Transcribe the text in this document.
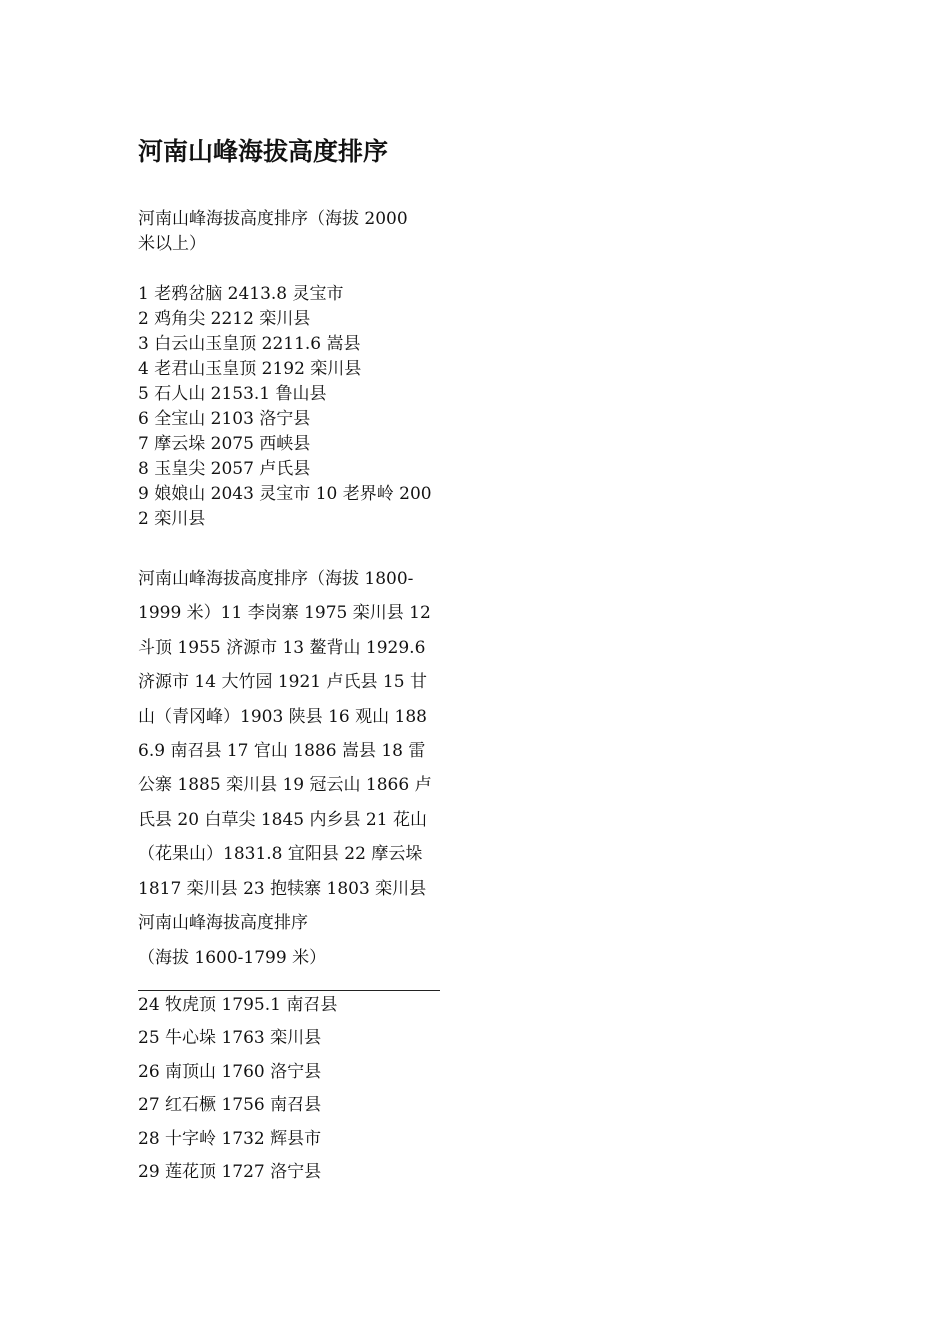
河南山峰海拔高度排序
河南山峰海拔高度排序（海拔 2000
米以上）
1 老鸦岔脑 2413.8 灵宝市
2 鸡角尖 2212 栾川县
3 白云山玉皇顶 2211.6 嵩县
4 老君山玉皇顶 2192 栾川县
5 石人山 2153.1 鲁山县
6 全宝山 2103 洛宁县
7 摩云垛 2075 西峡县
8 玉皇尖 2057 卢氏县
9 娘娘山 2043 灵宝市 10 老界岭 200
2 栾川县
河南山峰海拔高度排序（海拔 1800-
1999 米）11 李岗寨 1975 栾川县 12
斗顶 1955 济源市 13 鳌背山 1929.6
济源市 14 大竹园 1921 卢氏县 15 甘
山（青冈峰）1903 陕县 16 观山 188
6.9 南召县 17 官山 1886 嵩县 18 雷
公寨 1885 栾川县 19 冠云山 1866 卢
氏县 20 白草尖 1845 内乡县 21 花山
（花果山）1831.8 宜阳县 22 摩云垛
1817 栾川县 23 抱犊寨 1803 栾川县
河南山峰海拔高度排序
（海拔 1600-1799 米）
24 牧虎顶 1795.1 南召县
25 牛心垛 1763 栾川县
26 南顶山 1760 洛宁县
27 红石橛 1756 南召县
28 十字岭 1732 辉县市
29 莲花顶 1727 洛宁县
